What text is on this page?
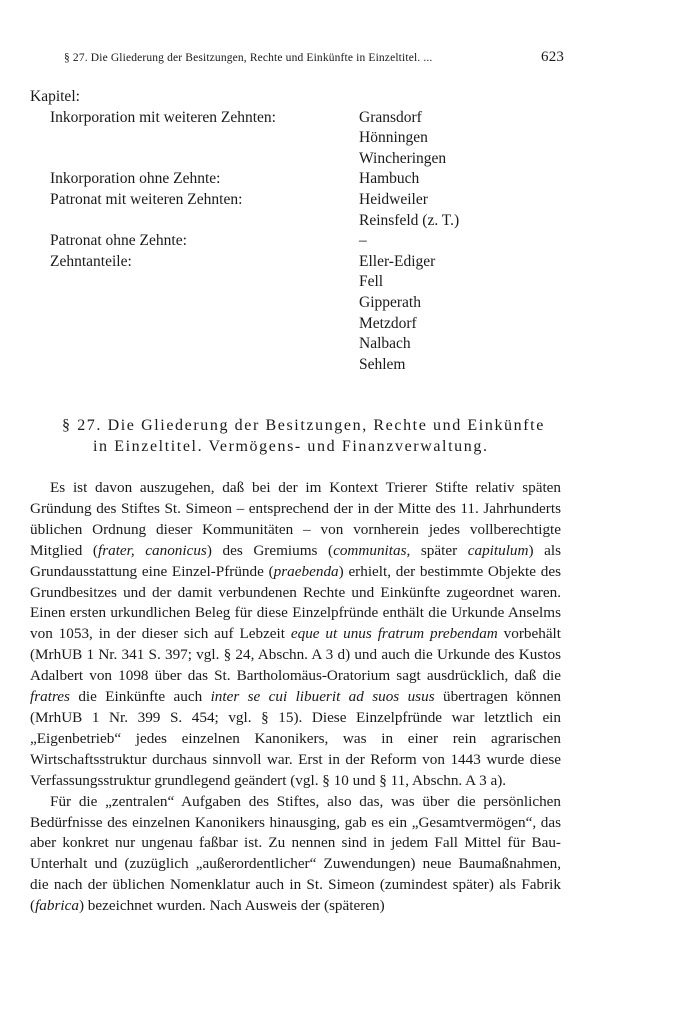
§ 27. Die Gliederung der Besitzungen, Rechte und Einkünfte in Einzeltitel. ...	623
Kapitel:
Inkorporation mit weiteren Zehnten:	Gransdorf
Hönningen
Wincheringen
Inkorporation ohne Zehnte:	Hambuch
Patronat mit weiteren Zehnten:	Heidweiler
Reinsfeld (z. T.)
Patronat ohne Zehnte:	–
Zehntanteile:	Eller-Ediger
Fell
Gipperath
Metzdorf
Nalbach
Sehlem
§ 27. Die Gliederung der Besitzungen, Rechte und Einkünfte
in Einzeltitel. Vermögens- und Finanzverwaltung.

Es ist davon auszugehen, daß bei der im Kontext Trierer Stifte relativ späten Gründung des Stiftes St. Simeon – entsprechend der in der Mitte des 11. Jahrhunderts üblichen Ordnung dieser Kommunitäten – von vornherein jedes vollberechtigte Mitglied (frater, canonicus) des Gremiums (communitas, später capitulum) als Grundausstattung eine Einzel-Pfründe (praebenda) erhielt, der bestimmte Objekte des Grundbesitzes und der damit verbundenen Rechte und Einkünfte zugeordnet waren. Einen ersten urkundlichen Beleg für diese Einzelpfründe enthält die Urkunde Anselms von 1053, in der dieser sich auf Lebzeit eque ut unus fratrum prebendam vorbehält (MrhUB 1 Nr. 341 S. 397; vgl. § 24, Abschn. A 3 d) und auch die Urkunde des Kustos Adalbert von 1098 über das St. Bartholomäus-Oratorium sagt ausdrücklich, daß die fratres die Einkünfte auch inter se cui libuerit ad suos usus übertragen können (MrhUB 1 Nr. 399 S. 454; vgl. § 15). Diese Einzelpfründe war letztlich ein „Eigenbetrieb“ jedes einzelnen Kanonikers, was in einer rein agrarischen Wirtschaftsstruktur durchaus sinnvoll war. Erst in der Reform von 1443 wurde diese Verfassungsstruktur grundlegend geändert (vgl. § 10 und § 11, Abschn. A 3 a).

Für die „zentralen“ Aufgaben des Stiftes, also das, was über die persönlichen Bedürfnisse des einzelnen Kanonikers hinausging, gab es ein „Gesamtvermögen“, das aber konkret nur ungenau faßbar ist. Zu nennen sind in jedem Fall Mittel für Bau-Unterhalt und (zuzüglich „außerordentlicher“ Zuwendungen) neue Baumaßnahmen, die nach der üblichen Nomenklatur auch in St. Simeon (zumindest später) als Fabrik (fabrica) bezeichnet wurden. Nach Ausweis der (späteren)
